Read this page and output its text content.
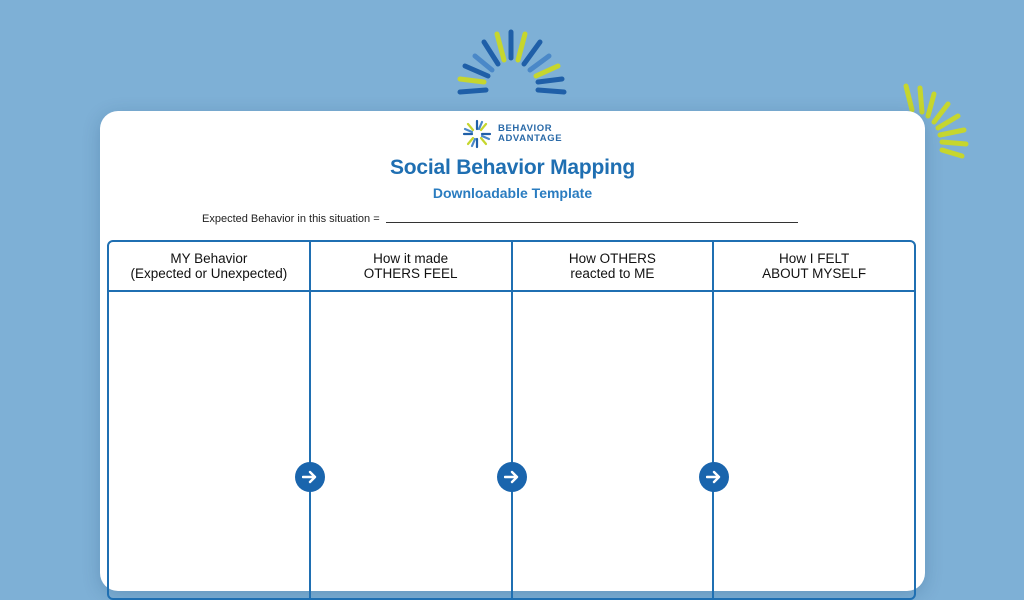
BEHAVIOR
ADVANTAGE
Social Behavior Mapping
Downloadable Template
Expected Behavior in this situation =
MY Behavior
(Expected or Unexpected)
How it made
OTHERS FEEL
How OTHERS
reacted to ME
How I FELT
ABOUT MYSELF
